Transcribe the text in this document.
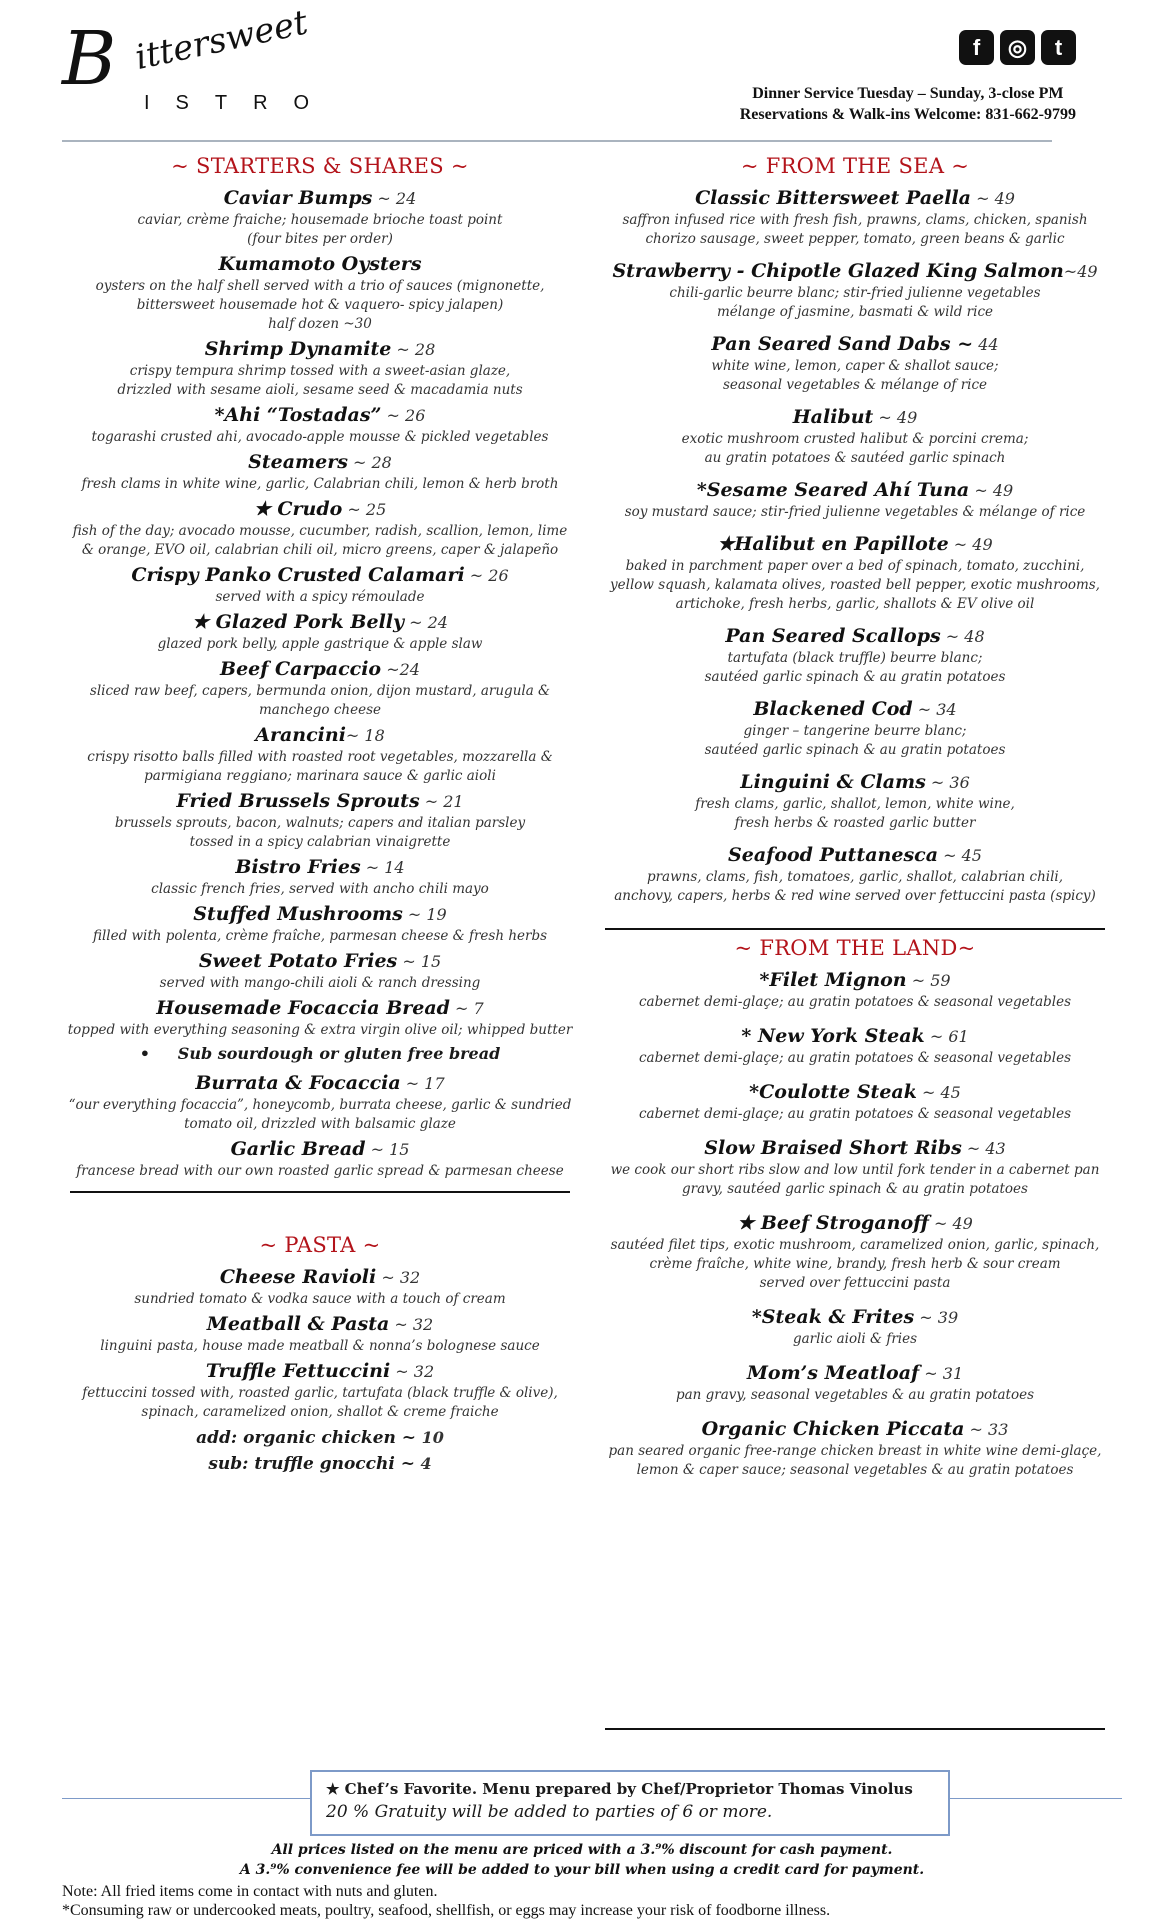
B ittersweet
ISTRO
f	◎	t
Dinner Service Tuesday – Sunday, 3-close PM
Reservations & Walk-ins Welcome: 831-662-9799
~ STARTERS & SHARES ~
Caviar Bumps ~ 24
caviar, crème fraiche; housemade brioche toast point
(four bites per order)
Kumamoto Oysters
oysters on the half shell served with a trio of sauces (mignonette,
bittersweet housemade hot & vaquero- spicy jalapen)
half dozen ~30
Shrimp Dynamite ~ 28
crispy tempura shrimp tossed with a sweet-asian glaze,
drizzled with sesame aioli, sesame seed & macadamia nuts
*Ahi “Tostadas” ~ 26
togarashi crusted ahi, avocado-apple mousse & pickled vegetables
Steamers ~ 28
fresh clams in white wine, garlic, Calabrian chili, lemon & herb broth
★ Crudo ~ 25
fish of the day; avocado mousse, cucumber, radish, scallion, lemon, lime
& orange, EVO oil, calabrian chili oil, micro greens, caper & jalapeño
Crispy Panko Crusted Calamari ~ 26
served with a spicy rémoulade
★ Glazed Pork Belly ~ 24
glazed pork belly, apple gastrique & apple slaw
Beef Carpaccio ~24
sliced raw beef, capers, bermunda onion, dijon mustard, arugula & manchego cheese
Arancini~ 18
crispy risotto balls filled with roasted root vegetables, mozzarella &
parmigiana reggiano; marinara sauce & garlic aioli
Fried Brussels Sprouts ~ 21
brussels sprouts, bacon, walnuts; capers and italian parsley
tossed in a spicy calabrian vinaigrette
Bistro Fries ~ 14
classic french fries, served with ancho chili mayo
Stuffed Mushrooms ~ 19
filled with polenta, crème fraîche, parmesan cheese & fresh herbs
Sweet Potato Fries ~ 15
served with mango-chili aioli & ranch dressing
Housemade Focaccia Bread ~ 7
topped with everything seasoning & extra virgin olive oil; whipped butter
•     Sub sourdough or gluten free bread
Burrata & Focaccia ~ 17
“our everything focaccia”, honeycomb, burrata cheese, garlic & sundried
tomato oil, drizzled with balsamic glaze
Garlic Bread ~ 15
francese bread with our own roasted garlic spread & parmesan cheese
~ PASTA ~
Cheese Ravioli ~ 32
sundried tomato & vodka sauce with a touch of cream
Meatball & Pasta ~ 32
linguini pasta, house made meatball & nonna’s bolognese sauce
Truffle Fettuccini ~ 32
fettuccini tossed with, roasted garlic, tartufata (black truffle & olive),
spinach, caramelized onion, shallot & creme fraiche
add: organic chicken ~ 10
sub: truffle gnocchi ~ 4
~ FROM THE SEA ~
Classic Bittersweet Paella ~ 49
saffron infused rice with fresh fish, prawns, clams, chicken, spanish
chorizo sausage, sweet pepper, tomato, green beans & garlic
Strawberry - Chipotle Glazed King Salmon~49
chili-garlic beurre blanc; stir-fried julienne vegetables
mélange of jasmine, basmati & wild rice
Pan Seared Sand Dabs ~ 44
white wine, lemon, caper & shallot sauce;
seasonal vegetables & mélange of rice
Halibut ~ 49
exotic mushroom crusted halibut & porcini crema;
au gratin potatoes & sautéed garlic spinach
*Sesame Seared Ahí Tuna ~ 49
soy mustard sauce; stir-fried julienne vegetables & mélange of rice
★Halibut en Papillote ~ 49
baked in parchment paper over a bed of spinach, tomato, zucchini,
yellow squash, kalamata olives, roasted bell pepper, exotic mushrooms,
artichoke, fresh herbs, garlic, shallots & EV olive oil
Pan Seared Scallops ~ 48
tartufata (black truffle) beurre blanc;
sautéed garlic spinach & au gratin potatoes
Blackened Cod ~ 34
ginger – tangerine beurre blanc;
sautéed garlic spinach & au gratin potatoes
Linguini & Clams ~ 36
fresh clams, garlic, shallot, lemon, white wine,
fresh herbs & roasted garlic butter
Seafood Puttanesca ~ 45
prawns, clams, fish, tomatoes, garlic, shallot, calabrian chili,
anchovy, capers, herbs & red wine served over fettuccini pasta (spicy)
~ FROM THE LAND~
*Filet Mignon ~ 59
cabernet demi-glaçe; au gratin potatoes & seasonal vegetables
* New York Steak ~ 61
cabernet demi-glaçe; au gratin potatoes & seasonal vegetables
*Coulotte Steak ~ 45
cabernet demi-glaçe; au gratin potatoes & seasonal vegetables
Slow Braised Short Ribs ~ 43
we cook our short ribs slow and low until fork tender in a cabernet pan
gravy, sautéed garlic spinach & au gratin potatoes
★ Beef Stroganoff ~ 49
sautéed filet tips, exotic mushroom, caramelized onion, garlic, spinach,
crème fraîche, white wine, brandy, fresh herb & sour cream
served over fettuccini pasta
*Steak & Frites ~ 39
garlic aioli & fries
Mom’s Meatloaf ~ 31
pan gravy, seasonal vegetables & au gratin potatoes
Organic Chicken Piccata ~ 33
pan seared organic free-range chicken breast in white wine demi-glaçe,
lemon & caper sauce; seasonal vegetables & au gratin potatoes
★ Chef’s Favorite. Menu prepared by Chef/Proprietor Thomas Vinolus
20 % Gratuity will be added to parties of 6 or more.
All prices listed on the menu are priced with a 3.⁹% discount for cash payment.
A 3.⁹% convenience fee will be added to your bill when using a credit card for payment.
Note: All fried items come in contact with nuts and gluten.
*Consuming raw or undercooked meats, poultry, seafood, shellfish, or eggs may increase your risk of foodborne illness.
